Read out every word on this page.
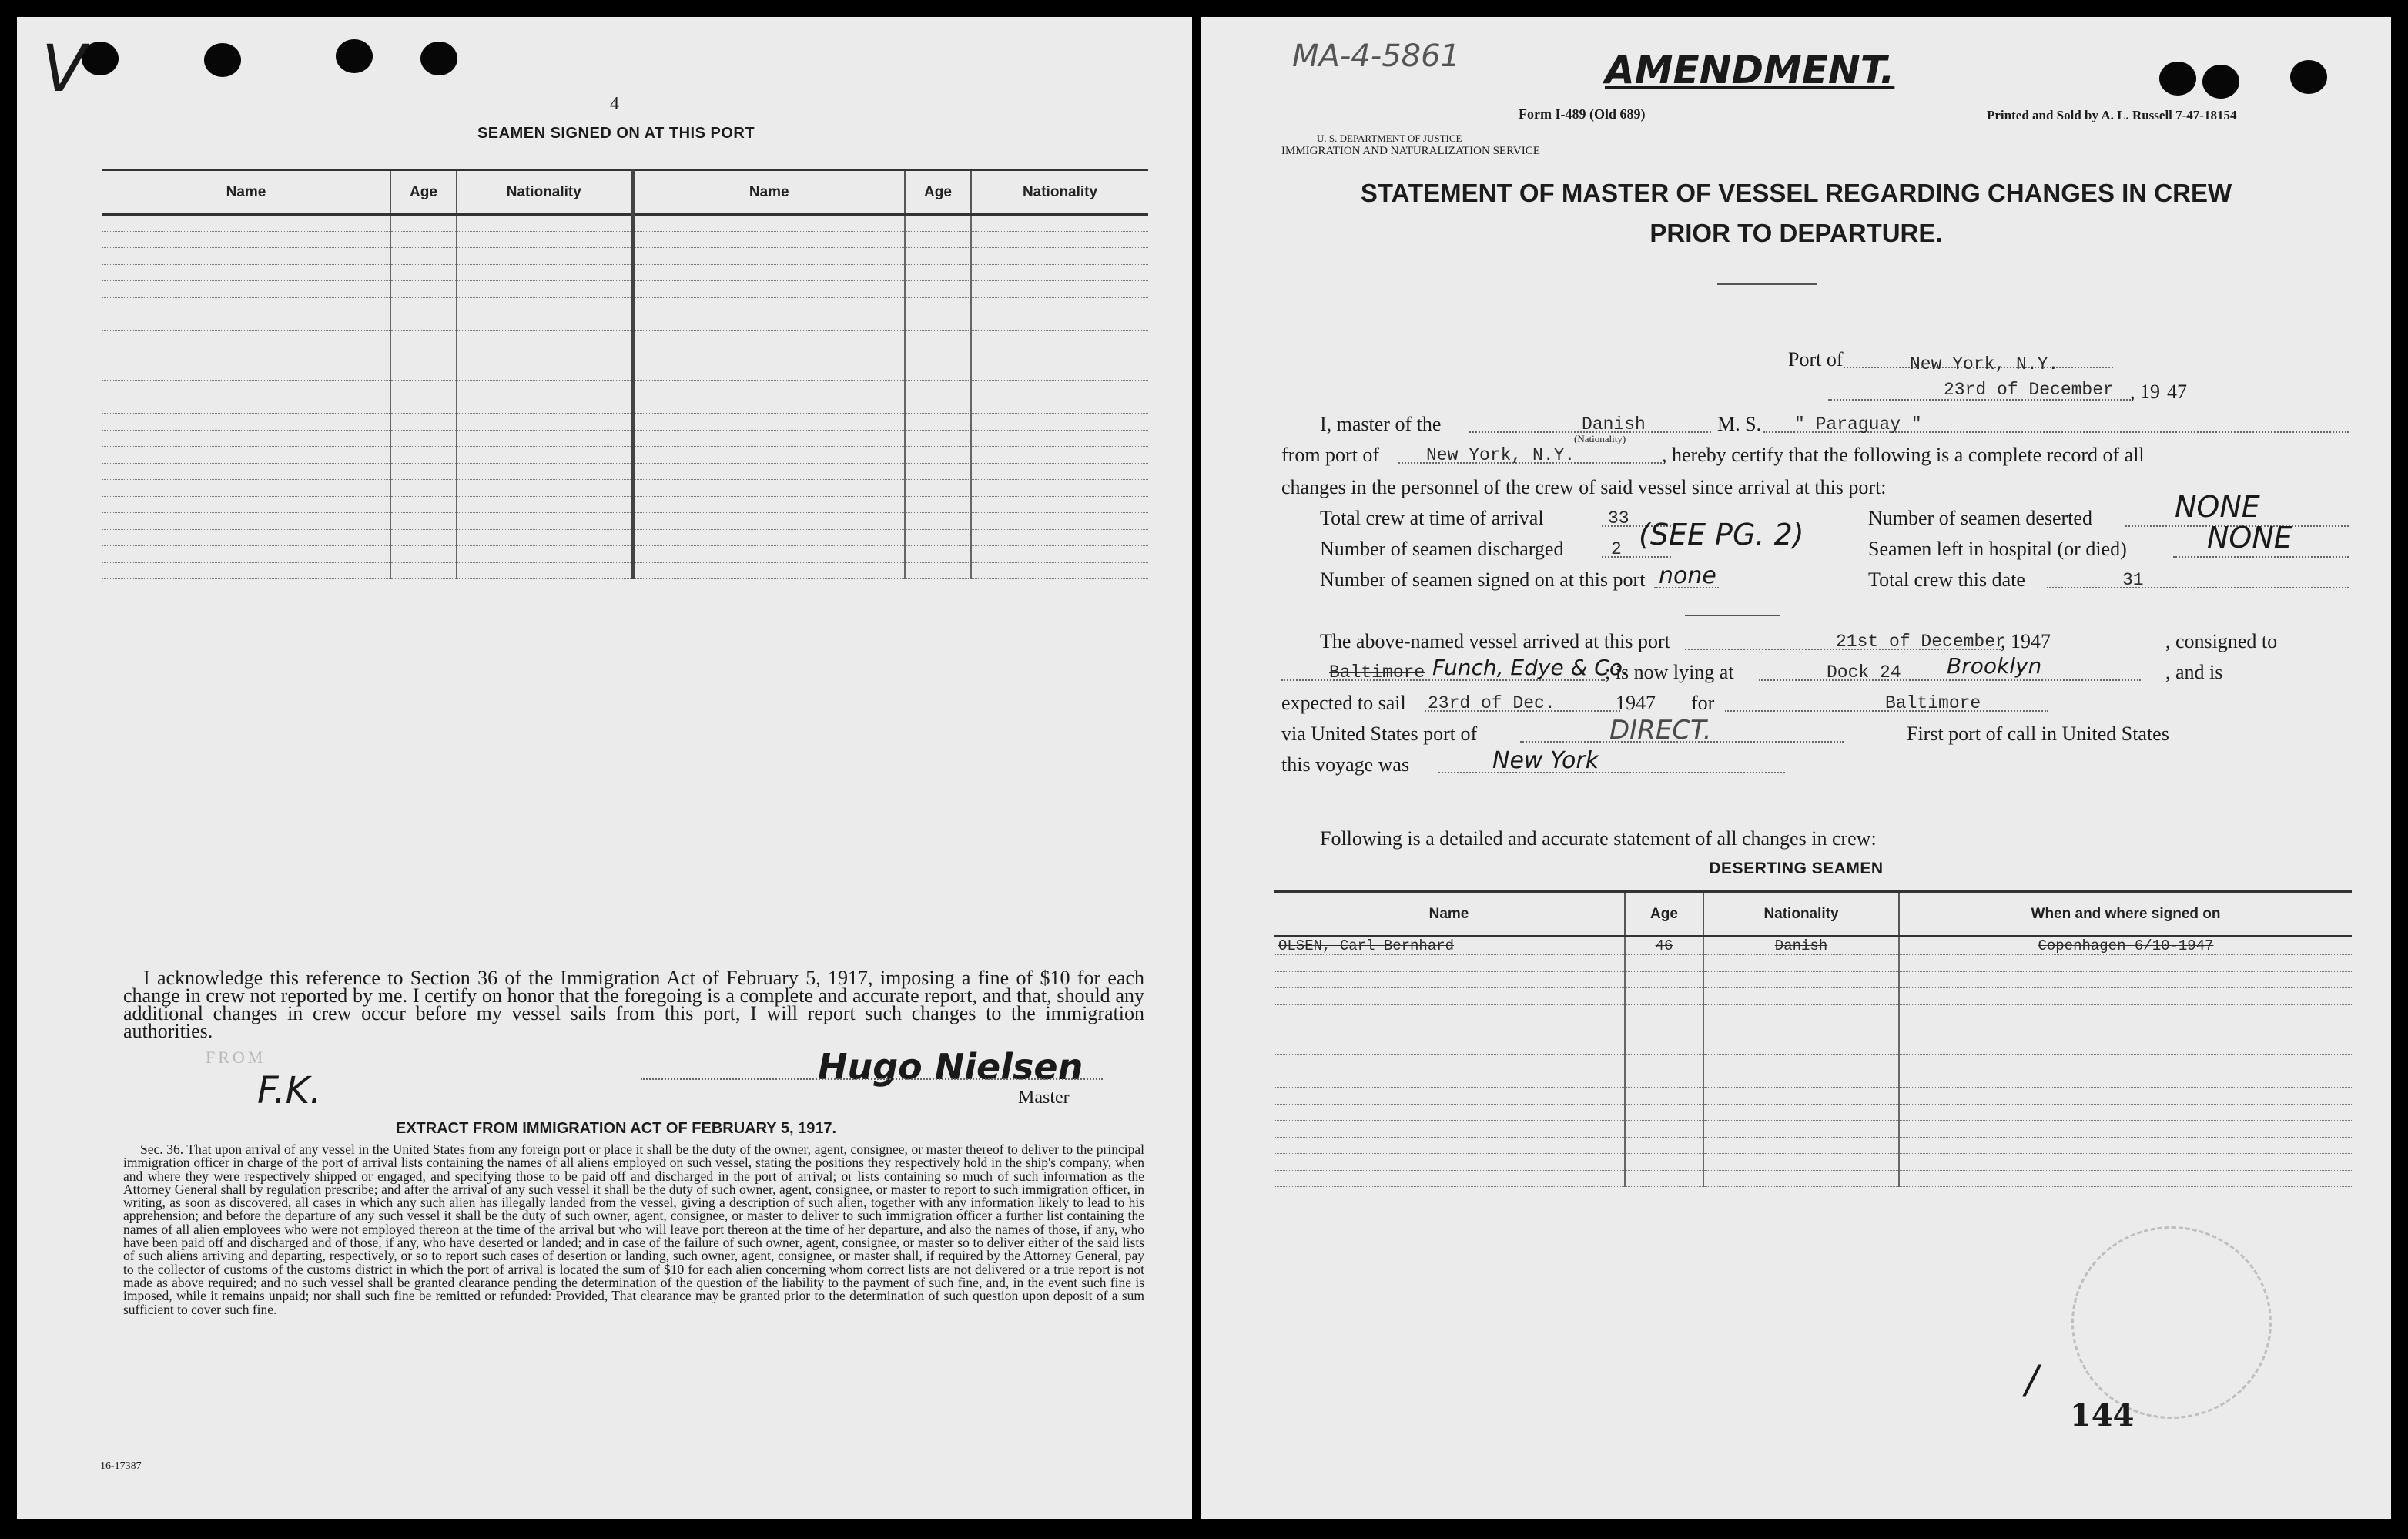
V	4
SEAMEN SIGNED ON AT THIS PORT
Name	Age	Nationality	Name	Age	Nationality

I acknowledge this reference to Section 36 of the Immigration Act of February 5, 1917, imposing a fine of $10 for each change in crew not reported by me. I certify on honor that the foregoing is a complete and accurate report, and that, should any additional changes in crew occur before my vessel sails from this port, I will report such changes to the immigration authorities.
FROM
F.K.
Hugo Nielsen
Master
EXTRACT FROM IMMIGRATION ACT OF FEBRUARY 5, 1917.
Sec. 36. That upon arrival of any vessel in the United States from any foreign port or place it shall be the duty of the owner, agent, consignee, or master thereof to deliver to the principal immigration officer in charge of the port of arrival lists containing the names of all aliens employed on such vessel, stating the positions they respectively hold in the ship's company, when and where they were respectively shipped or engaged, and specifying those to be paid off and discharged in the port of arrival; or lists containing so much of such information as the Attorney General shall by regulation prescribe; and after the arrival of any such vessel it shall be the duty of such owner, agent, consignee, or master to report to such immigration officer, in writing, as soon as discovered, all cases in which any such alien has illegally landed from the vessel, giving a description of such alien, together with any information likely to lead to his apprehension; and before the departure of any such vessel it shall be the duty of such owner, agent, consignee, or master to deliver to such immigration officer a further list containing the names of all alien employees who were not employed thereon at the time of the arrival but who will leave port thereon at the time of her departure, and also the names of those, if any, who have been paid off and discharged and of those, if any, who have deserted or landed; and in case of the failure of such owner, agent, consignee, or master so to deliver either of the said lists of such aliens arriving and departing, respectively, or so to report such cases of desertion or landing, such owner, agent, consignee, or master shall, if required by the Attorney General, pay to the collector of customs of the customs district in which the port of arrival is located the sum of $10 for each alien concerning whom correct lists are not delivered or a true report is not made as above required; and no such vessel shall be granted clearance pending the determination of the question of the liability to the payment of such fine, and, in the event such fine is imposed, while it remains unpaid; nor shall such fine be remitted or refunded: Provided, That clearance may be granted prior to the determination of such question upon deposit of a sum sufficient to cover such fine.
16-17387
MA-4-5861	AMENDMENT.
Form I-489 (Old 689)
U. S. DEPARTMENT OF JUSTICE
IMMIGRATION AND NATURALIZATION SERVICE
Printed and Sold by A. L. Russell 7-47-18154
STATEMENT OF MASTER OF VESSEL REGARDING CHANGES IN CREW
PRIOR TO DEPARTURE.
Port of	New York, N.Y.
23rd of December , 19 47
I, master of the	Danish
(Nationality)
M. S. " Paraguay "
from port of	New York, N.Y.	, hereby certify that the following is a complete record of all
changes in the personnel of the crew of said vessel since arrival at this port:
Total crew at time of arrival	33
Number of seamen discharged	2 (SEE PG. 2)
Number of seamen signed on at this port none
Number of seamen deserted	NONE
Seamen left in hospital (or died)	NONE
Total crew this date	31
The above-named vessel arrived at this port	21st of December
, 1947	, consigned to
Baltimore Funch, Edye & Co.
; is now lying at	Dock 24 Brooklyn	, and is
expected to sail 23rd of Dec.	1947 for	Baltimore
via United States port of	DIRECT.	First port of call in United States
this voyage was	New York
Following is a detailed and accurate statement of all changes in crew:
DESERTING SEAMEN
Name	Age	Nationality	When and where signed on
OLSEN, Carl Bernhard	46	Danish	Copenhagen 6/10-1947

/
144
